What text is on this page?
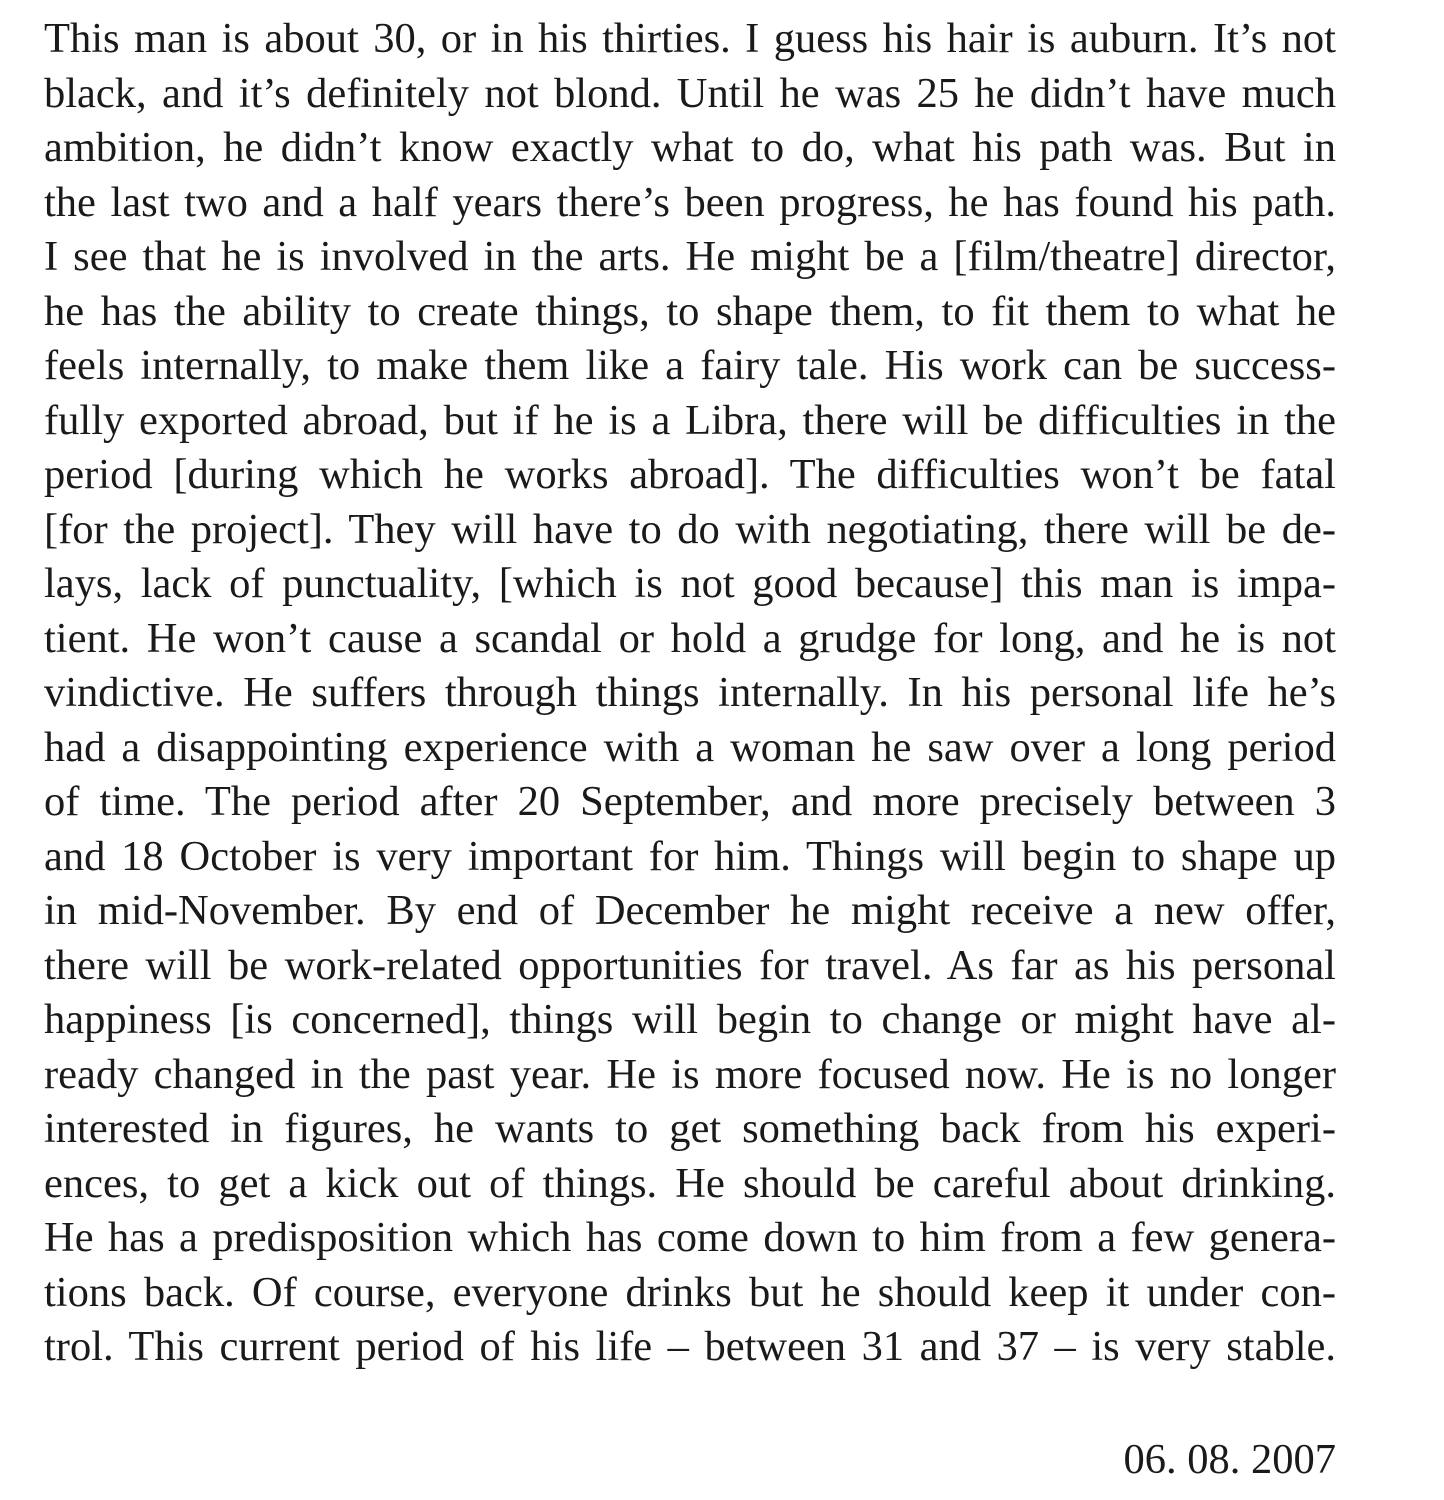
This man is about 30, or in his thirties. I guess his hair is auburn. It’s not
black, and it’s definitely not blond. Until he was 25 he didn’t have much
ambition, he didn’t know exactly what to do, what his path was. But in
the last two and a half years there’s been progress, he has found his path.
I see that he is involved in the arts. He might be a [film/theatre] director,
he has the ability to create things, to shape them, to fit them to what he
feels internally, to make them like a fairy tale. His work can be success-
fully exported abroad, but if he is a Libra, there will be difficulties in the
period [during which he works abroad]. The difficulties won’t be fatal
[for the project]. They will have to do with negotiating, there will be de-
lays, lack of punctuality, [which is not good because] this man is impa-
tient. He won’t cause a scandal or hold a grudge for long, and he is not
vindictive. He suffers through things internally. In his personal life he’s
had a disappointing experience with a woman he saw over a long period
of time. The period after 20 September, and more precisely between 3
and 18 October is very important for him. Things will begin to shape up
in mid-November. By end of December he might receive a new offer,
there will be work-related opportunities for travel. As far as his personal
happiness [is concerned], things will begin to change or might have al-
ready changed in the past year. He is more focused now. He is no longer
interested in figures, he wants to get something back from his experi-
ences, to get a kick out of things. He should be careful about drinking.
He has a predisposition which has come down to him from a few genera-
tions back. Of course, everyone drinks but he should keep it under con-
trol. This current period of his life – between 31 and 37 – is very stable.

06. 08. 2007
